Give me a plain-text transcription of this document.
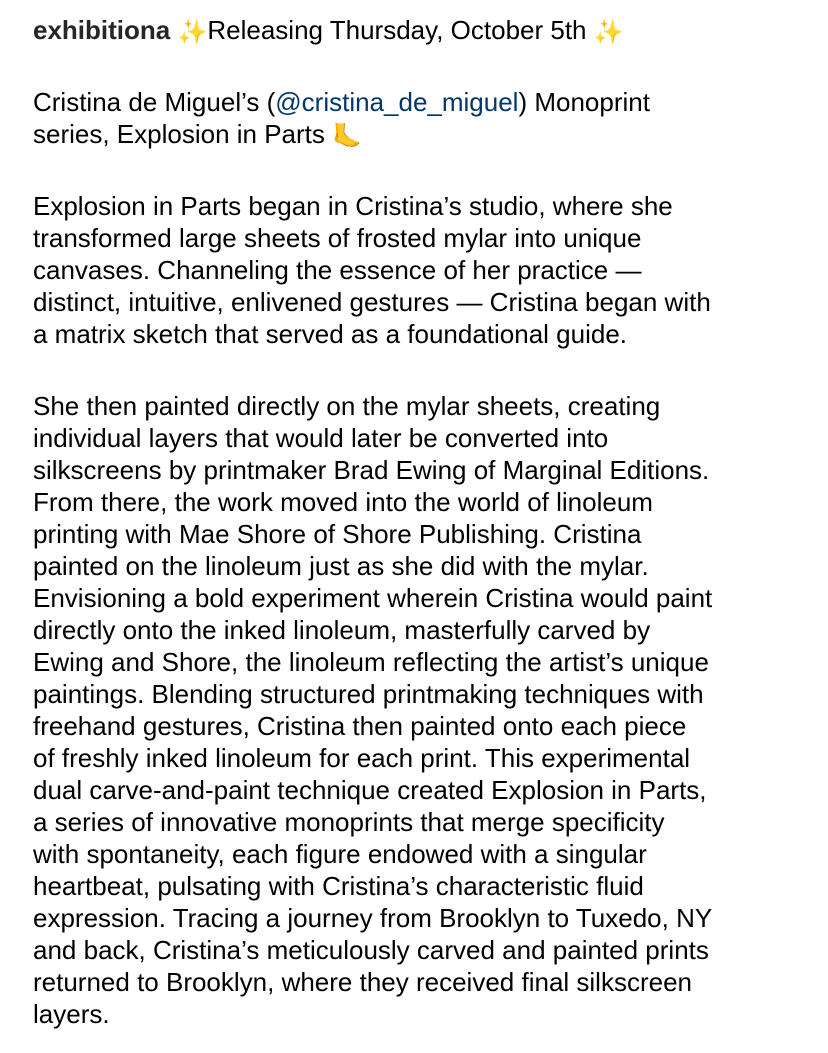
exhibitiona ✨Releasing Thursday, October 5th ✨
Cristina de Miguel’s (@cristina_de_miguel) Monoprint
series, Explosion in Parts 🦶
Explosion in Parts began in Cristina’s studio, where she
transformed large sheets of frosted mylar into unique
canvases. Channeling the essence of her practice —
distinct, intuitive, enlivened gestures — Cristina began with
a matrix sketch that served as a foundational guide.
She then painted directly on the mylar sheets, creating
individual layers that would later be converted into
silkscreens by printmaker Brad Ewing of Marginal Editions.
From there, the work moved into the world of linoleum
printing with Mae Shore of Shore Publishing. Cristina
painted on the linoleum just as she did with the mylar.
Envisioning a bold experiment wherein Cristina would paint
directly onto the inked linoleum, masterfully carved by
Ewing and Shore, the linoleum reflecting the artist’s unique
paintings. Blending structured printmaking techniques with
freehand gestures, Cristina then painted onto each piece
of freshly inked linoleum for each print. This experimental
dual carve-and-paint technique created Explosion in Parts,
a series of innovative monoprints that merge specificity
with spontaneity, each figure endowed with a singular
heartbeat, pulsating with Cristina’s characteristic fluid
expression. Tracing a journey from Brooklyn to Tuxedo, NY
and back, Cristina’s meticulously carved and painted prints
returned to Brooklyn, where they received final silkscreen
layers.
